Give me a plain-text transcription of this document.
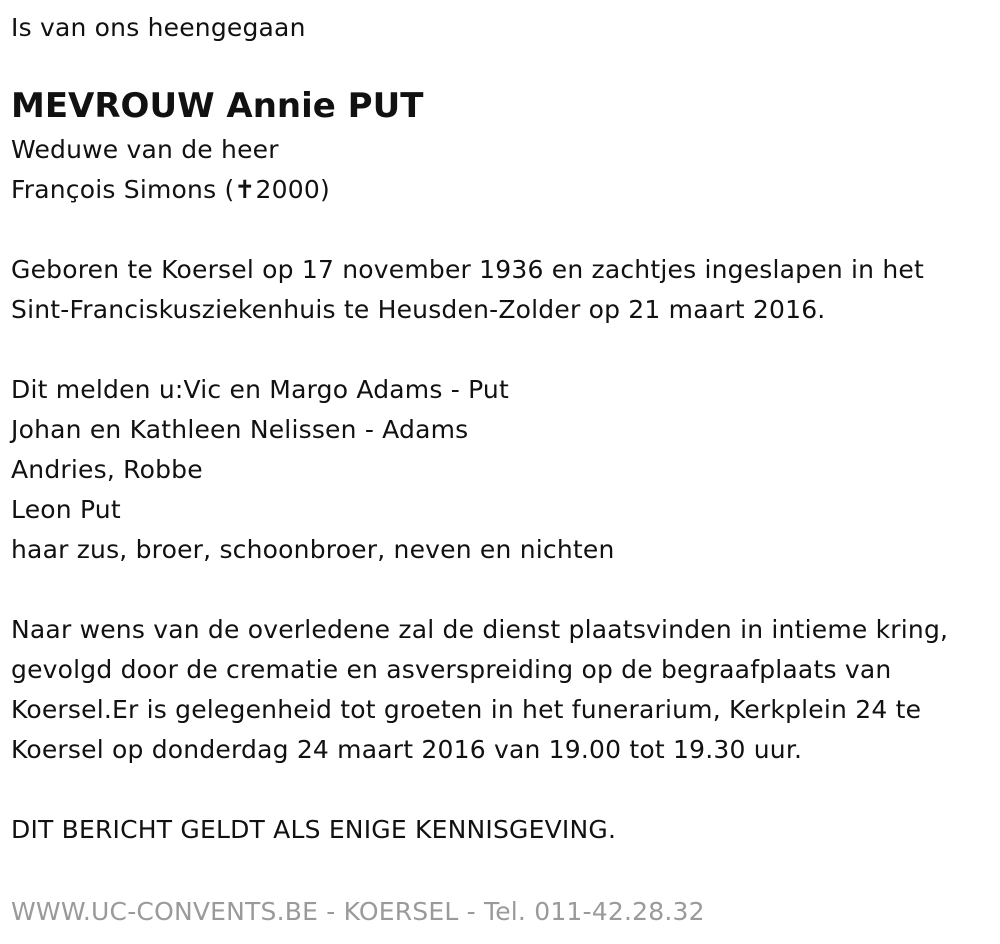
Is van ons heengegaan
MEVROUW Annie PUT
Weduwe van de heer
François Simons (✝2000)
Geboren te Koersel op 17 november 1936 en zachtjes ingeslapen in het
Sint-Franciskusziekenhuis te Heusden-Zolder op 21 maart 2016.
Dit melden u:Vic en Margo Adams - Put
Johan en Kathleen Nelissen - Adams
Andries, Robbe
Leon Put
haar zus, broer, schoonbroer, neven en nichten
Naar wens van de overledene zal de dienst plaatsvinden in intieme kring,
gevolgd door de crematie en asverspreiding op de begraafplaats van
Koersel.Er is gelegenheid tot groeten in het funerarium, Kerkplein 24 te
Koersel op donderdag 24 maart 2016 van 19.00 tot 19.30 uur.
DIT BERICHT GELDT ALS ENIGE KENNISGEVING.
WWW.UC-CONVENTS.BE - KOERSEL - Tel. 011-42.28.32
